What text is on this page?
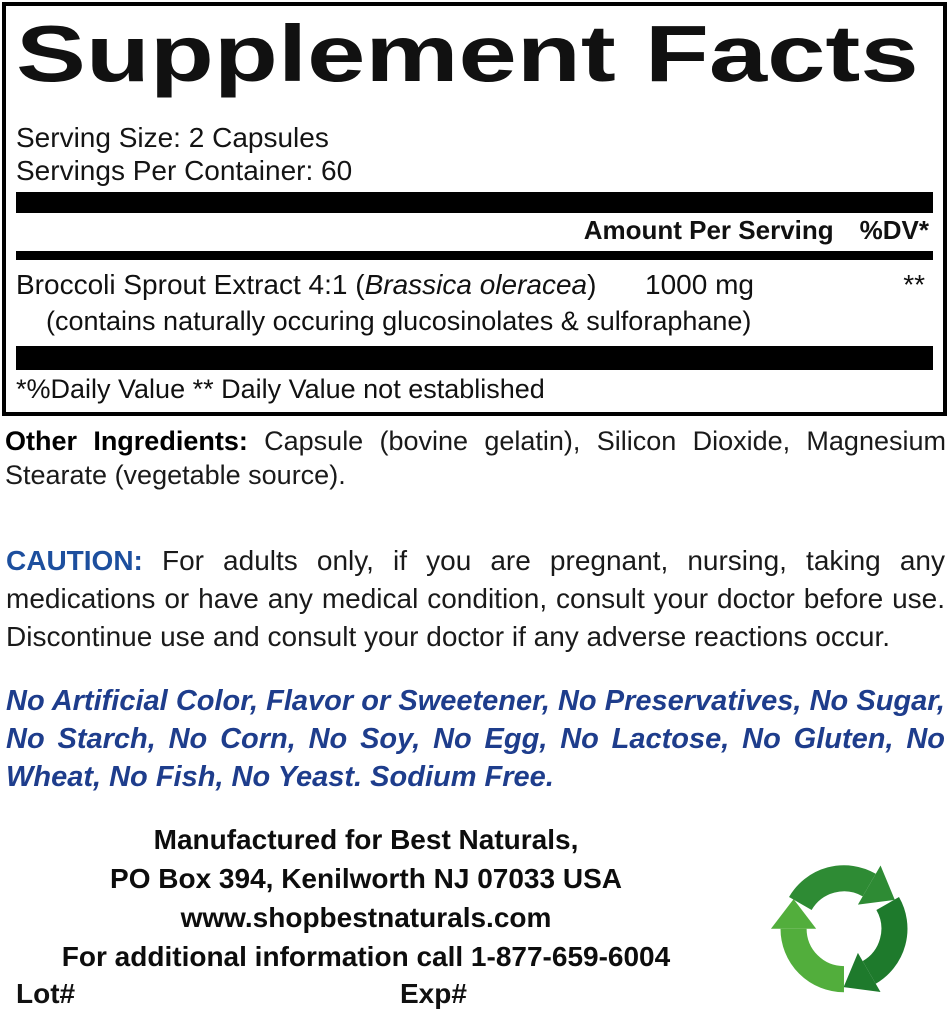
Supplement Facts
Serving Size: 2 Capsules
Servings Per Container: 60
Amount Per Serving %DV*
Broccoli Sprout Extract 4:1 (Brassica oleracea)	1000 mg	**
(contains naturally occuring glucosinolates & sulforaphane)
*%Daily Value ** Daily Value not established

Other Ingredients: Capsule (bovine gelatin), Silicon Dioxide, Magnesium Stearate (vegetable source).

CAUTION: For adults only, if you are pregnant, nursing, taking any medications or have any medical condition, consult your doctor before use. Discontinue use and consult your doctor if any adverse reactions occur.

No Artificial Color, Flavor or Sweetener, No Preservatives, No Sugar, No Starch, No Corn, No Soy, No Egg, No Lactose, No Gluten, No Wheat, No Fish, No Yeast. Sodium Free.

Manufactured for Best Naturals,
PO Box 394, Kenilworth NJ 07033 USA
www.shopbestnaturals.com
For additional information call 1-877-659-6004
Lot#	Exp#
